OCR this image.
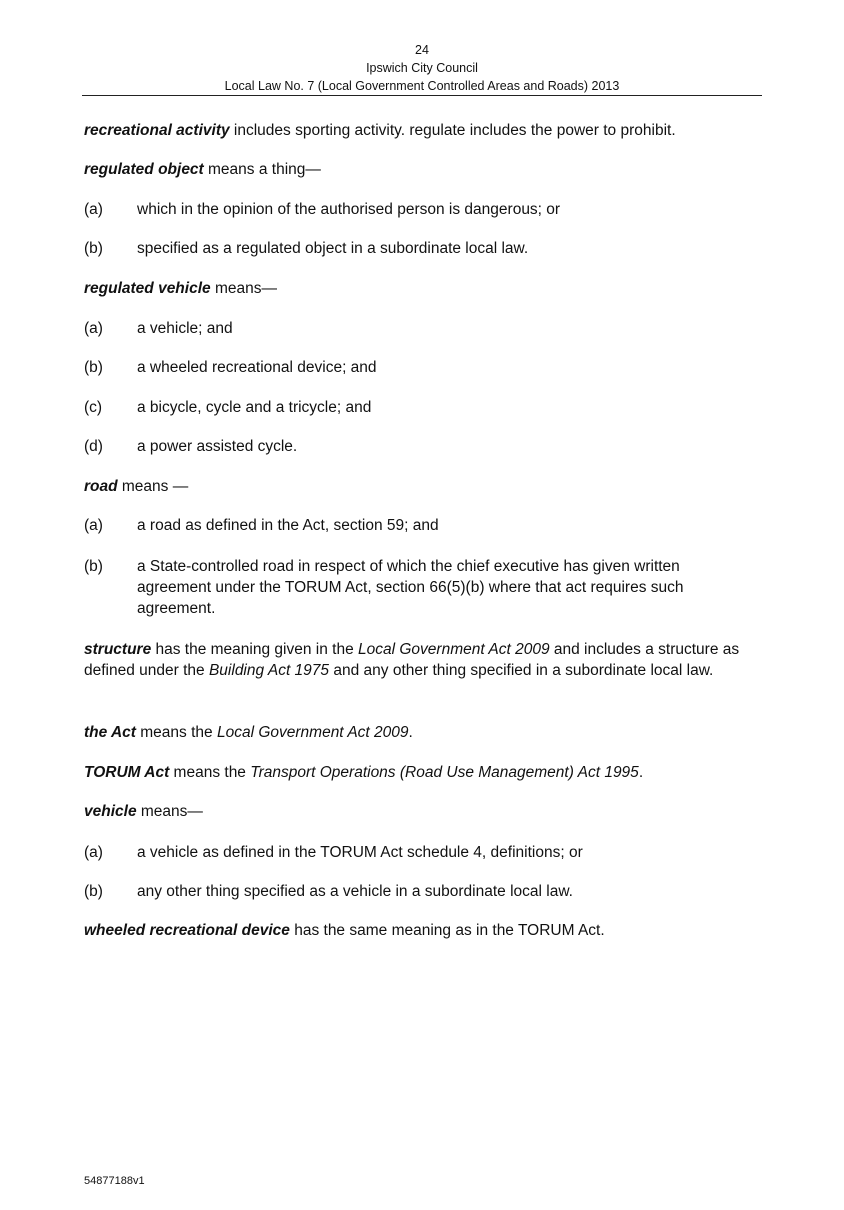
24
Ipswich City Council
Local Law No. 7 (Local Government Controlled Areas and Roads) 2013
recreational activity includes sporting activity. regulate includes the power to prohibit.
regulated object means a thing—
(a) which in the opinion of the authorised person is dangerous; or
(b) specified as a regulated object in a subordinate local law.
regulated vehicle means—
(a) a vehicle; and
(b) a wheeled recreational device; and
(c) a bicycle, cycle and a tricycle; and
(d) a power assisted cycle.
road means —
(a) a road as defined in the Act, section 59; and
(b) a State-controlled road in respect of which the chief executive has given written agreement under the TORUM Act, section 66(5)(b) where that act requires such agreement.
structure has the meaning given in the Local Government Act 2009 and includes a structure as defined under the Building Act 1975 and any other thing specified in a subordinate local law.
the Act means the Local Government Act 2009.
TORUM Act means the Transport Operations (Road Use Management) Act 1995.
vehicle means—
(a) a vehicle as defined in the TORUM Act schedule 4, definitions; or
(b) any other thing specified as a vehicle in a subordinate local law.
wheeled recreational device has the same meaning as in the TORUM Act.
54877188v1
